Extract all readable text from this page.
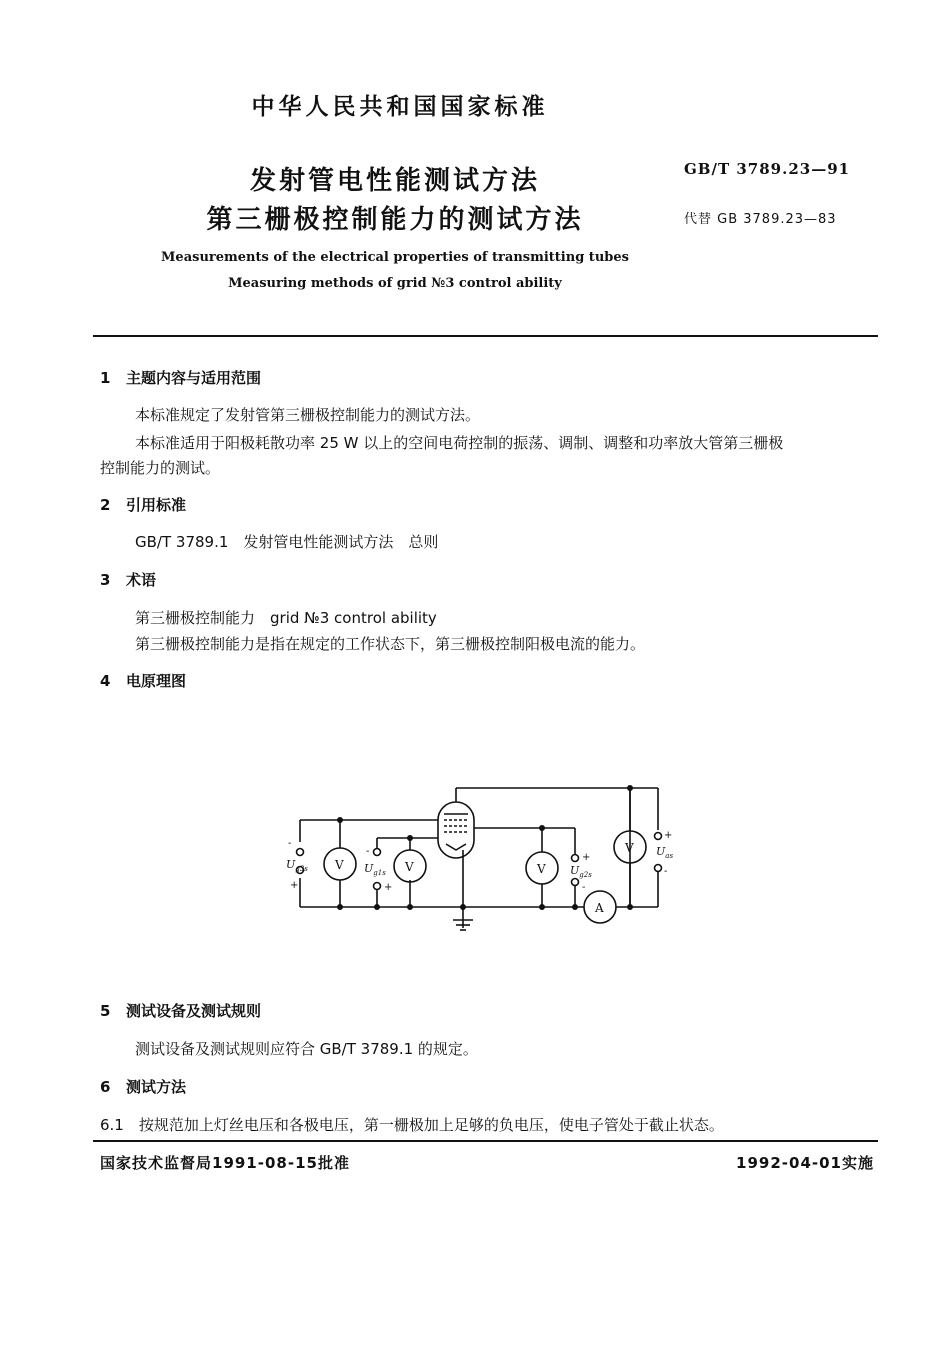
中华人民共和国国家标准
发射管电性能测试方法
第三栅极控制能力的测试方法
GB/T 3789.23—91
代替 GB 3789.23—83
Measurements of the electrical properties of transmitting tubes
Measuring methods of grid №3 control ability
1 主题内容与适用范围
本标准规定了发射管第三栅极控制能力的测试方法。
本标准适用于阳极耗散功率 25 W 以上的空间电荷控制的振荡、调制、调整和功率放大管第三栅极
控制能力的测试。
2 引用标准
GB/T 3789.1　发射管电性能测试方法　总则
3 术语
第三栅极控制能力　grid №3 control ability
第三栅极控制能力是指在规定的工作状态下，第三栅极控制阳极电流的能力。
4 电原理图
V	V	V
V
A
$U_{g3s}$	$U_{g1s}$	$U_{g2s}$
$U_{as}$
-
+
-
+
+
-
+
-
5 测试设备及测试规则
测试设备及测试规则应符合 GB/T 3789.1 的规定。
6 测试方法
6.1　按规范加上灯丝电压和各极电压，第一栅极加上足够的负电压，使电子管处于截止状态。
国家技术监督局1991-08-15批准	1992-04-01实施
